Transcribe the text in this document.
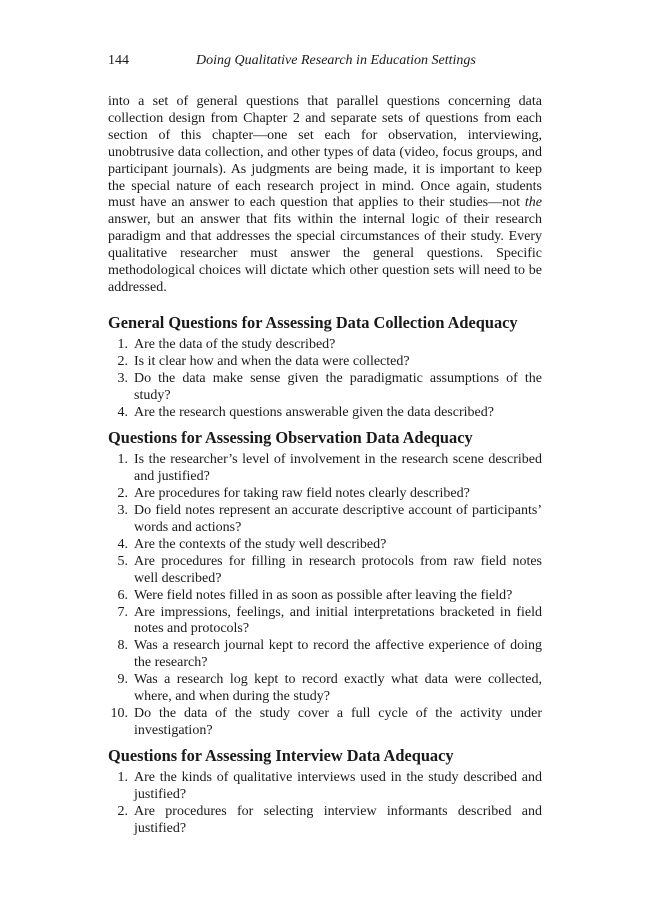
144	Doing Qualitative Research in Education Settings

into a set of general questions that parallel questions concerning data collection design from Chapter 2 and separate sets of questions from each section of this chapter—one set each for observation, interviewing, unobtrusive data collection, and other types of data (video, focus groups, and participant journals). As judgments are being made, it is important to keep the special nature of each research project in mind. Once again, students must have an answer to each question that applies to their studies—not the answer, but an answer that fits within the internal logic of their research paradigm and that addresses the special circumstances of their study. Every qualitative researcher must answer the general questions. Specific methodological choices will dictate which other question sets will need to be addressed.

General Questions for Assessing Data Collection Adequacy
1. Are the data of the study described?
2. Is it clear how and when the data were collected?
3. Do the data make sense given the paradigmatic assumptions of the study?
4. Are the research questions answerable given the data described?
Questions for Assessing Observation Data Adequacy
1. Is the researcher’s level of involvement in the research scene described and justified?
2. Are procedures for taking raw field notes clearly described?
3. Do field notes represent an accurate descriptive account of participants’ words and actions?
4. Are the contexts of the study well described?
5. Are procedures for filling in research protocols from raw field notes well described?
6. Were field notes filled in as soon as possible after leaving the field?
7. Are impressions, feelings, and initial interpretations bracketed in field notes and protocols?
8. Was a research journal kept to record the affective experience of doing the research?
9. Was a research log kept to record exactly what data were collected, where, and when during the study?
10. Do the data of the study cover a full cycle of the activity under investigation?
Questions for Assessing Interview Data Adequacy
1. Are the kinds of qualitative interviews used in the study described and justified?
2. Are procedures for selecting interview informants described and justified?
